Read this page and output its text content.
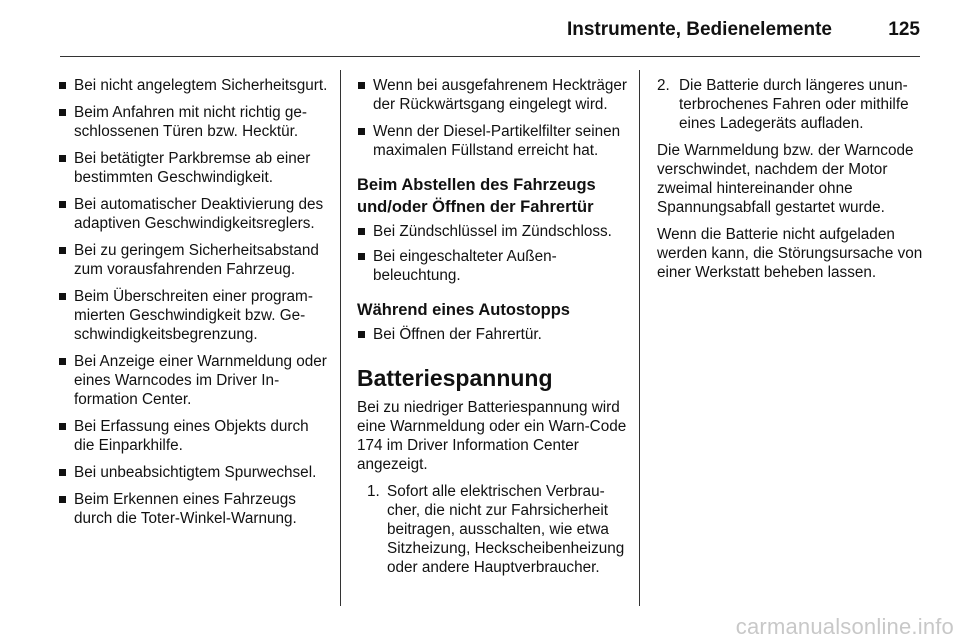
Instrumente, Bedienelemente	125
Bei nicht angelegtem Sicherheitsgurt.
Beim Anfahren mit nicht richtig geschlossenen Türen bzw. Hecktür.
Bei betätigter Parkbremse ab einer bestimmten Geschwindigkeit.
Bei automatischer Deaktivierung des adaptiven Geschwindigkeitsreglers.
Bei zu geringem Sicherheitsabstand zum vorausfahrenden Fahrzeug.
Beim Überschreiten einer programmierten Geschwindigkeit bzw. Geschwindigkeitsbegrenzung.
Bei Anzeige einer Warnmeldung oder eines Warncodes im Driver Information Center.
Bei Erfassung eines Objekts durch die Einparkhilfe.
Bei unbeabsichtigtem Spurwechsel.
Beim Erkennen eines Fahrzeugs durch die Toter-Winkel-Warnung.
Wenn bei ausgefahrenem Heckträger der Rückwärtsgang eingelegt wird.
Wenn der Diesel-Partikelfilter seinen maximalen Füllstand erreicht hat.
Beim Abstellen des Fahrzeugs und/oder Öffnen der Fahrertür
Bei Zündschlüssel im Zündschloss.
Bei eingeschalteter Außenbeleuchtung.
Während eines Autostopps
Bei Öffnen der Fahrertür.
Batteriespannung
Bei zu niedriger Batteriespannung wird eine Warnmeldung oder ein Warn-Code 174 im Driver Information Center angezeigt.
1. Sofort alle elektrischen Verbraucher, die nicht zur Fahrsicherheit beitragen, ausschalten, wie etwa Sitzheizung, Heckscheibenheizung oder andere Hauptverbraucher.
2. Die Batterie durch längeres ununterbrochenes Fahren oder mithilfe eines Ladegeräts aufladen.
Die Warnmeldung bzw. der Warncode verschwindet, nachdem der Motor zweimal hintereinander ohne Spannungsabfall gestartet wurde.
Wenn die Batterie nicht aufgeladen werden kann, die Störungsursache von einer Werkstatt beheben lassen.
carmanualsonline.info
